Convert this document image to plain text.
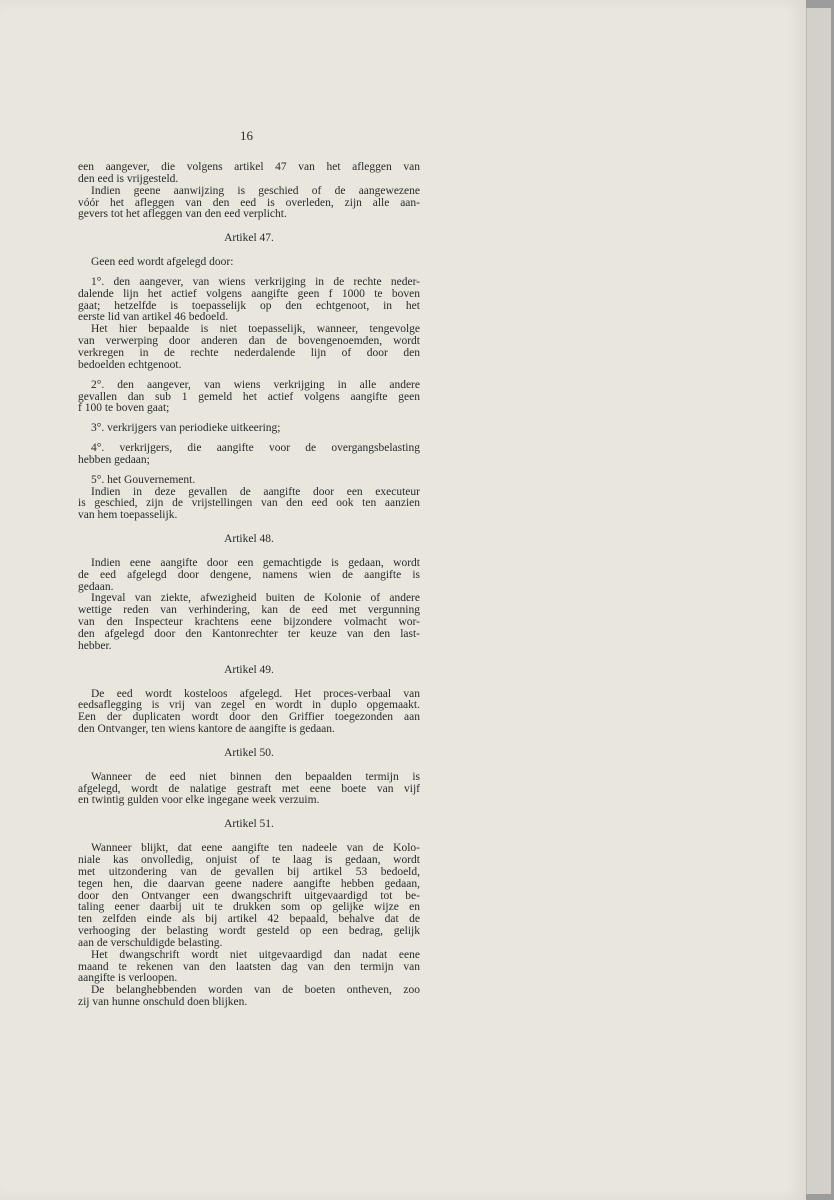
16
een aangever, die volgens artikel 47 van het afleggen van
den eed is vrijgesteld.
Indien geene aanwijzing is geschied of de aangewezene
vóór het afleggen van den eed is overleden, zijn alle aan-
gevers tot het afleggen van den eed verplicht.
Artikel 47.
Geen eed wordt afgelegd door:
1°. den aangever, van wiens verkrijging in de rechte neder-
dalende lijn het actief volgens aangifte geen f 1000 te boven
gaat; hetzelfde is toepasselijk op den echtgenoot, in het
eerste lid van artikel 46 bedoeld.
Het hier bepaalde is niet toepasselijk, wanneer, tengevolge
van verwerping door anderen dan de bovengenoemden, wordt
verkregen in de rechte nederdalende lijn of door den
bedoelden echtgenoot.
2°. den aangever, van wiens verkrijging in alle andere
gevallen dan sub 1 gemeld het actief volgens aangifte geen
f 100 te boven gaat;
3°. verkrijgers van periodieke uitkeering;
4°. verkrijgers, die aangifte voor de overgangsbelasting
hebben gedaan;
5°. het Gouvernement.
Indien in deze gevallen de aangifte door een executeur
is geschied, zijn de vrijstellingen van den eed ook ten aanzien
van hem toepasselijk.
Artikel 48.
Indien eene aangifte door een gemachtigde is gedaan, wordt
de eed afgelegd door dengene, namens wien de aangifte is
gedaan.
Ingeval van ziekte, afwezigheid buiten de Kolonie of andere
wettige reden van verhindering, kan de eed met vergunning
van den Inspecteur krachtens eene bijzondere volmacht wor-
den afgelegd door den Kantonrechter ter keuze van den last-
hebber.
Artikel 49.
De eed wordt kosteloos afgelegd. Het proces-verbaal van
eedsaflegging is vrij van zegel en wordt in duplo opgemaakt.
Een der duplicaten wordt door den Griffier toegezonden aan
den Ontvanger, ten wiens kantore de aangifte is gedaan.
Artikel 50.
Wanneer de eed niet binnen den bepaalden termijn is
afgelegd, wordt de nalatige gestraft met eene boete van vijf
en twintig gulden voor elke ingegane week verzuim.
Artikel 51.
Wanneer blijkt, dat eene aangifte ten nadeele van de Kolo-
niale kas onvolledig, onjuist of te laag is gedaan, wordt
met uitzondering van de gevallen bij artikel 53 bedoeld,
tegen hen, die daarvan geene nadere aangifte hebben gedaan,
door den Ontvanger een dwangschrift uitgevaardigd tot be-
taling eener daarbij uit te drukken som op gelijke wijze en
ten zelfden einde als bij artikel 42 bepaald, behalve dat de
verhooging der belasting wordt gesteld op een bedrag, gelijk
aan de verschuldigde belasting.
Het dwangschrift wordt niet uitgevaardigd dan nadat eene
maand te rekenen van den laatsten dag van den termijn van
aangifte is verloopen.
De belanghebbenden worden van de boeten ontheven, zoo
zij van hunne onschuld doen blijken.
